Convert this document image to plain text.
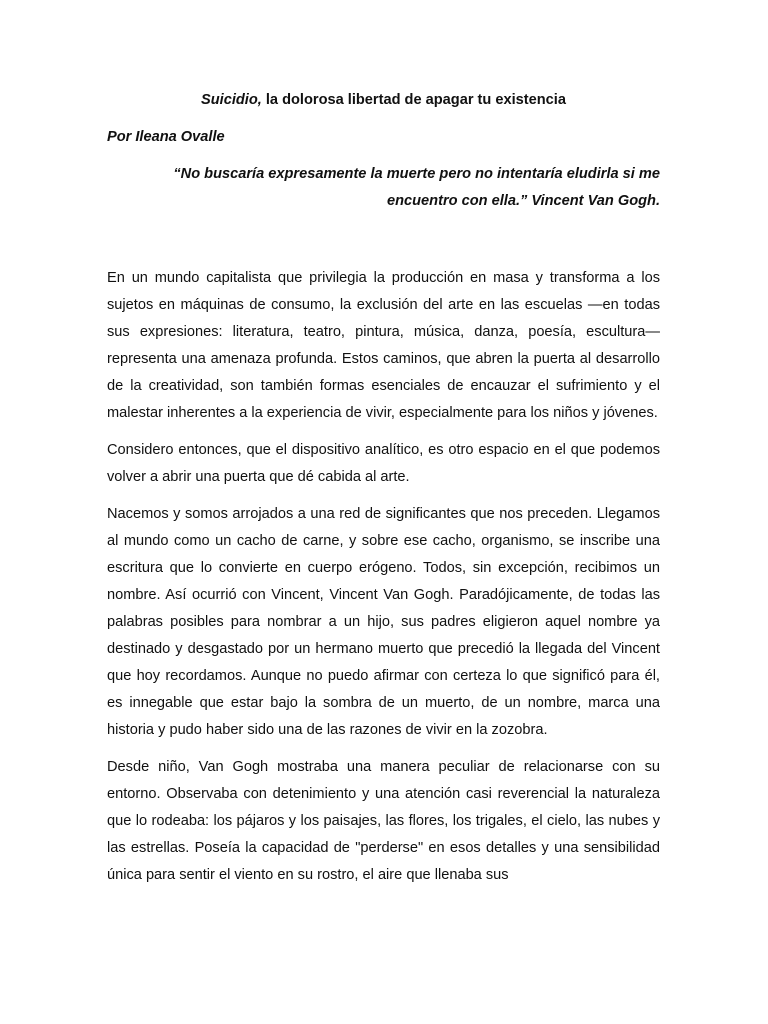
Suicidio, la dolorosa libertad de apagar tu existencia
Por Ileana Ovalle
“No buscaría expresamente la muerte pero no intentaría eludirla si me encuentro con ella.” Vincent Van Gogh.

En un mundo capitalista que privilegia la producción en masa y transforma a los sujetos en máquinas de consumo, la exclusión del arte en las escuelas —en todas sus expresiones: literatura, teatro, pintura, música, danza, poesía, escultura— representa una amenaza profunda. Estos caminos, que abren la puerta al desarrollo de la creatividad, son también formas esenciales de encauzar el sufrimiento y el malestar inherentes a la experiencia de vivir, especialmente para los niños y jóvenes.

Considero entonces, que el dispositivo analítico, es otro espacio en el que podemos volver a abrir una puerta que dé cabida al arte.

Nacemos y somos arrojados a una red de significantes que nos preceden. Llegamos al mundo como un cacho de carne, y sobre ese cacho, organismo, se inscribe una escritura que lo convierte en cuerpo erógeno. Todos, sin excepción, recibimos un nombre. Así ocurrió con Vincent, Vincent Van Gogh. Paradójicamente, de todas las palabras posibles para nombrar a un hijo, sus padres eligieron aquel nombre ya destinado y desgastado por un hermano muerto que precedió la llegada del Vincent que hoy recordamos. Aunque no puedo afirmar con certeza lo que significó para él, es innegable que estar bajo la sombra de un muerto, de un nombre, marca una historia y pudo haber sido una de las razones de vivir en la zozobra.

Desde niño, Van Gogh mostraba una manera peculiar de relacionarse con su entorno. Observaba con detenimiento y una atención casi reverencial la naturaleza que lo rodeaba: los pájaros y los paisajes, las flores, los trigales, el cielo, las nubes y las estrellas. Poseía la capacidad de "perderse" en esos detalles y una sensibilidad única para sentir el viento en su rostro, el aire que llenaba sus
